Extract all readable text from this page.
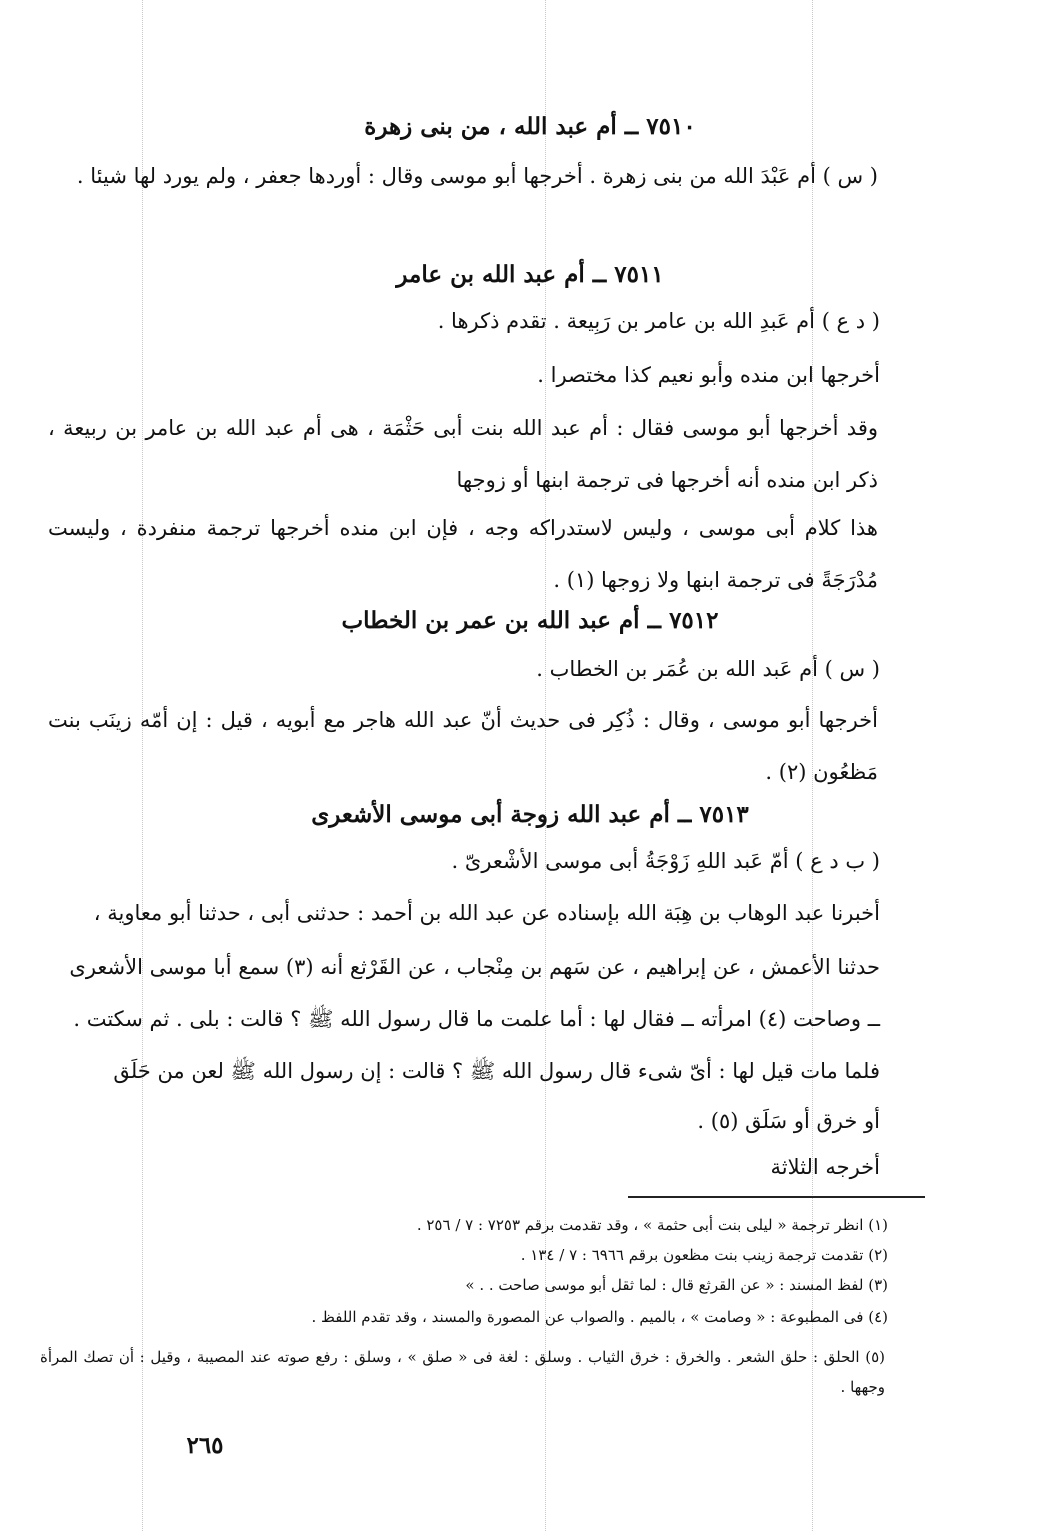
٧٥١٠ ــ أم عبد الله ، من بنى زهرة
( س ) أم عَبْدَ الله من بنى زهرة . أخرجها أبو موسى وقال : أوردها جعفر ، ولم يورد لها شيئا .
٧٥١١ ــ أم عبد الله بن عامر
( د ع ) أم عَبدِ الله بن عامر بن رَبِيعة . تقدم ذكرها .
أخرجها ابن منده وأبو نعيم كذا مختصرا .
وقد أخرجها أبو موسى فقال : أم عبد الله بنت أبى حَثْمَة ، هى أم عبد الله بن عامر بن ربيعة ، ذكر ابن منده أنه أخرجها فى ترجمة ابنها أو زوجها
هذا كلام أبى موسى ، وليس لاستدراكه وجه ، فإن ابن منده أخرجها ترجمة منفردة ، وليست مُدْرَجَةً فى ترجمة ابنها ولا زوجها (١) .
٧٥١٢ ــ أم عبد الله بن عمر بن الخطاب
( س ) أم عَبد الله بن عُمَر بن الخطاب .
أخرجها أبو موسى ، وقال : ذُكِر فى حديث أنّ عبد الله هاجر مع أبويه ، قيل : إن أمّه زينَب بنت مَظعُون (٢) .
٧٥١٣ ــ أم عبد الله زوجة أبى موسى الأشعرى
( ب د ع ) أمّ عَبد اللهِ زَوْجَةُ أبى موسى الأشْعرىّ .
أخبرنا عبد الوهاب بن هِبَة الله بإسناده عن عبد الله بن أحمد : حدثنى أبى ، حدثنا أبو معاوية ،
حدثنا الأعمش ، عن إبراهيم ، عن سَهم بن مِنْجاب ، عن القَرْثع أنه (٣) سمع أبا موسى الأشعرى
ــ وصاحت (٤) امرأته ــ فقال لها : أما علمت ما قال رسول الله ﷺ ؟ قالت : بلى . ثم سكتت .
فلما مات قيل لها : أىّ شىء قال رسول الله ﷺ ؟ قالت : إن رسول الله ﷺ لعن من حَلَق
أو خرق أو سَلَق (٥) .
أخرجه الثلاثة
(١) انظر ترجمة « ليلى بنت أبى حثمة » ، وقد تقدمت برقم ٧٢٥٣ : ٧ / ٢٥٦ .
(٢) تقدمت ترجمة زينب بنت مظعون برقم ٦٩٦٦ : ٧ / ١٣٤ .
(٣) لفظ المسند : « عن القرثع قال : لما ثقل أبو موسى صاحت . . »
(٤) فى المطبوعة : « وصامت » ، بالميم . والصواب عن المصورة والمسند ، وقد تقدم اللفظ .
(٥) الحلق : حلق الشعر . والخرق : خرق الثياب . وسلق : لغة فى « صلق » ، وسلق : رفع صوته عند المصيبة ، وقيل : أن تصك المرأة وجهها .
٢٦٥
